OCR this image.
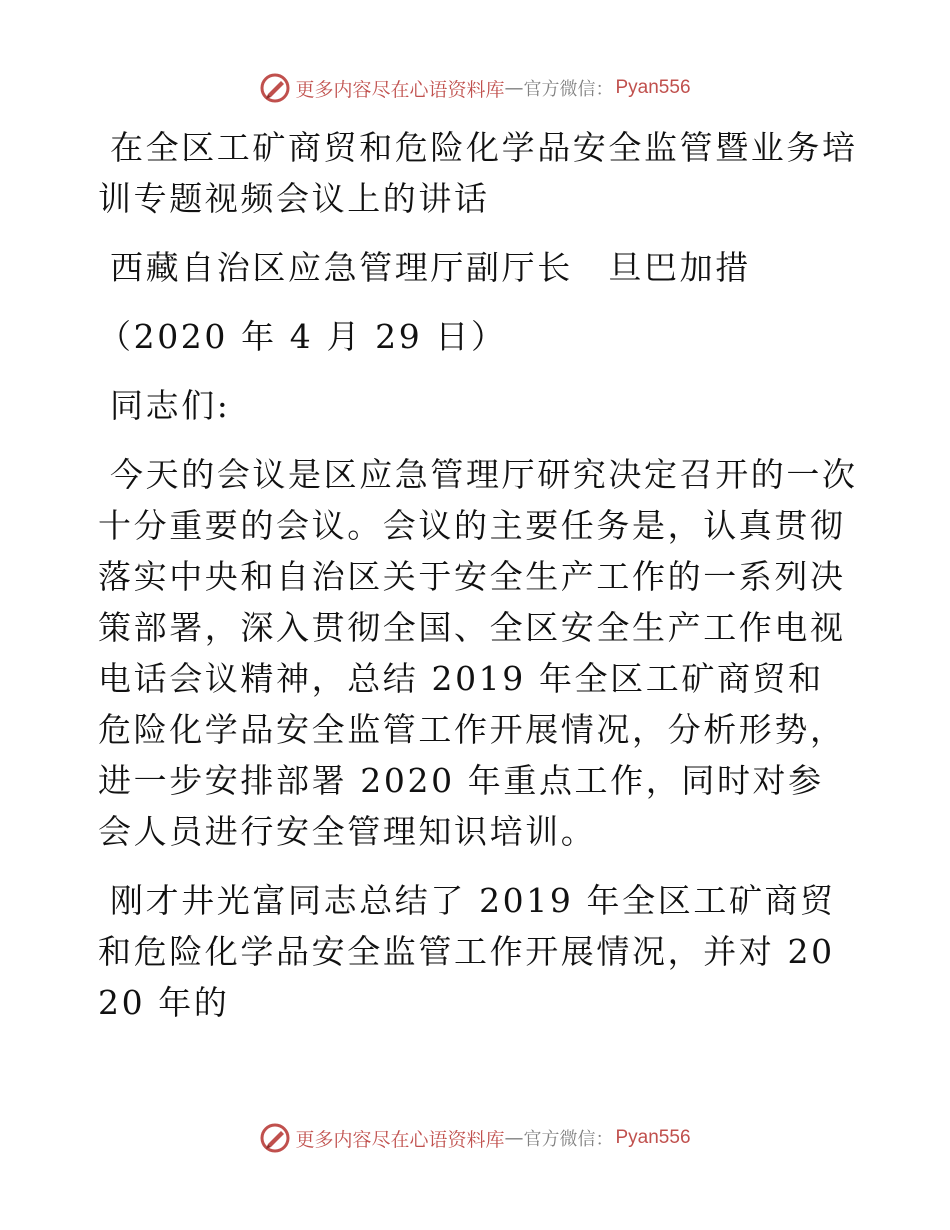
更多内容尽在心语资料库 — 官方微信： Pyan556

在全区工矿商贸和危险化学品安全监管暨业务培训专题视频会议上的讲话

西藏自治区应急管理厅副厅长　旦巴加措

（2020 年 4 月 29 日）

同志们:

今天的会议是区应急管理厅研究决定召开的一次十分重要的会议。会议的主要任务是，认真贯彻落实中央和自治区关于安全生产工作的一系列决策部署，深入贯彻全国、全区安全生产工作电视电话会议精神，总结 2019 年全区工矿商贸和危险化学品安全监管工作开展情况，分析形势，进一步安排部署 2020 年重点工作，同时对参会人员进行安全管理知识培训。

刚才井光富同志总结了 2019 年全区工矿商贸和危险化学品安全监管工作开展情况，并对 2020 年的

更多内容尽在心语资料库 — 官方微信： Pyan556
